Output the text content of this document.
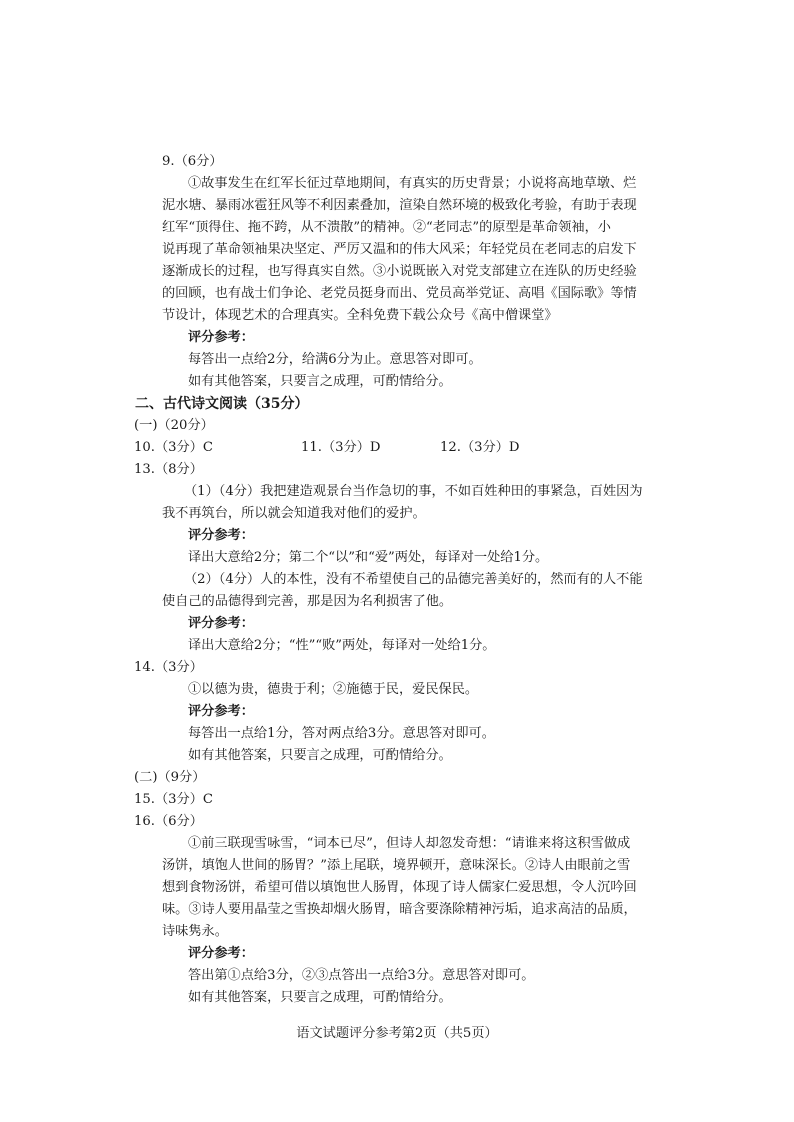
9.（6分）
①故事发生在红军长征过草地期间，有真实的历史背景；小说将高地草墩、烂
泥水塘、暴雨冰雹狂风等不利因素叠加，渲染自然环境的极致化考验，有助于表现
红军“顶得住、拖不跨，从不溃散”的精神。②“老同志”的原型是革命领袖，小
说再现了革命领袖果决坚定、严厉又温和的伟大风采；年轻党员在老同志的启发下
逐渐成长的过程，也写得真实自然。③小说既嵌入对党支部建立在连队的历史经验
的回顾，也有战士们争论、老党员挺身而出、党员高举党证、高唱《国际歌》等情
节设计，体现艺术的合理真实。全科免费下载公众号《高中僧课堂》
评分参考：
每答出一点给2分，给满6分为止。意思答对即可。
如有其他答案，只要言之成理，可酌情给分。
二、古代诗文阅读（35分）
(一)（20分）
10.（3分）C	11.（3分）D	12.（3分）D
13.（8分）
（1）（4分）我把建造观景台当作急切的事，不如百姓种田的事紧急，百姓因为
我不再筑台，所以就会知道我对他们的爱护。
评分参考：
译出大意给2分；第二个“以”和“爱”两处，每译对一处给1分。
（2）（4分）人的本性，没有不希望使自己的品德完善美好的，然而有的人不能
使自己的品德得到完善，那是因为名利损害了他。
评分参考：
译出大意给2分；“性”“败”两处，每译对一处给1分。
14.（3分）
①以德为贵，德贵于利；②施德于民，爱民保民。
评分参考：
每答出一点给1分，答对两点给3分。意思答对即可。
如有其他答案，只要言之成理，可酌情给分。
(二)（9分）
15.（3分）C
16.（6分）
①前三联现雪咏雪，“词本已尽”，但诗人却忽发奇想：“请谁来将这积雪做成
汤饼，填饱人世间的肠胃？”添上尾联，境界顿开，意味深长。②诗人由眼前之雪
想到食物汤饼，希望可借以填饱世人肠胃，体现了诗人儒家仁爱思想，令人沉吟回
味。③诗人要用晶莹之雪换却烟火肠胃，暗含要涤除精神污垢，追求高洁的品质，
诗味隽永。
评分参考：
答出第①点给3分，②③点答出一点给3分。意思答对即可。
如有其他答案，只要言之成理，可酌情给分。
语文试题评分参考第2页（共5页）
